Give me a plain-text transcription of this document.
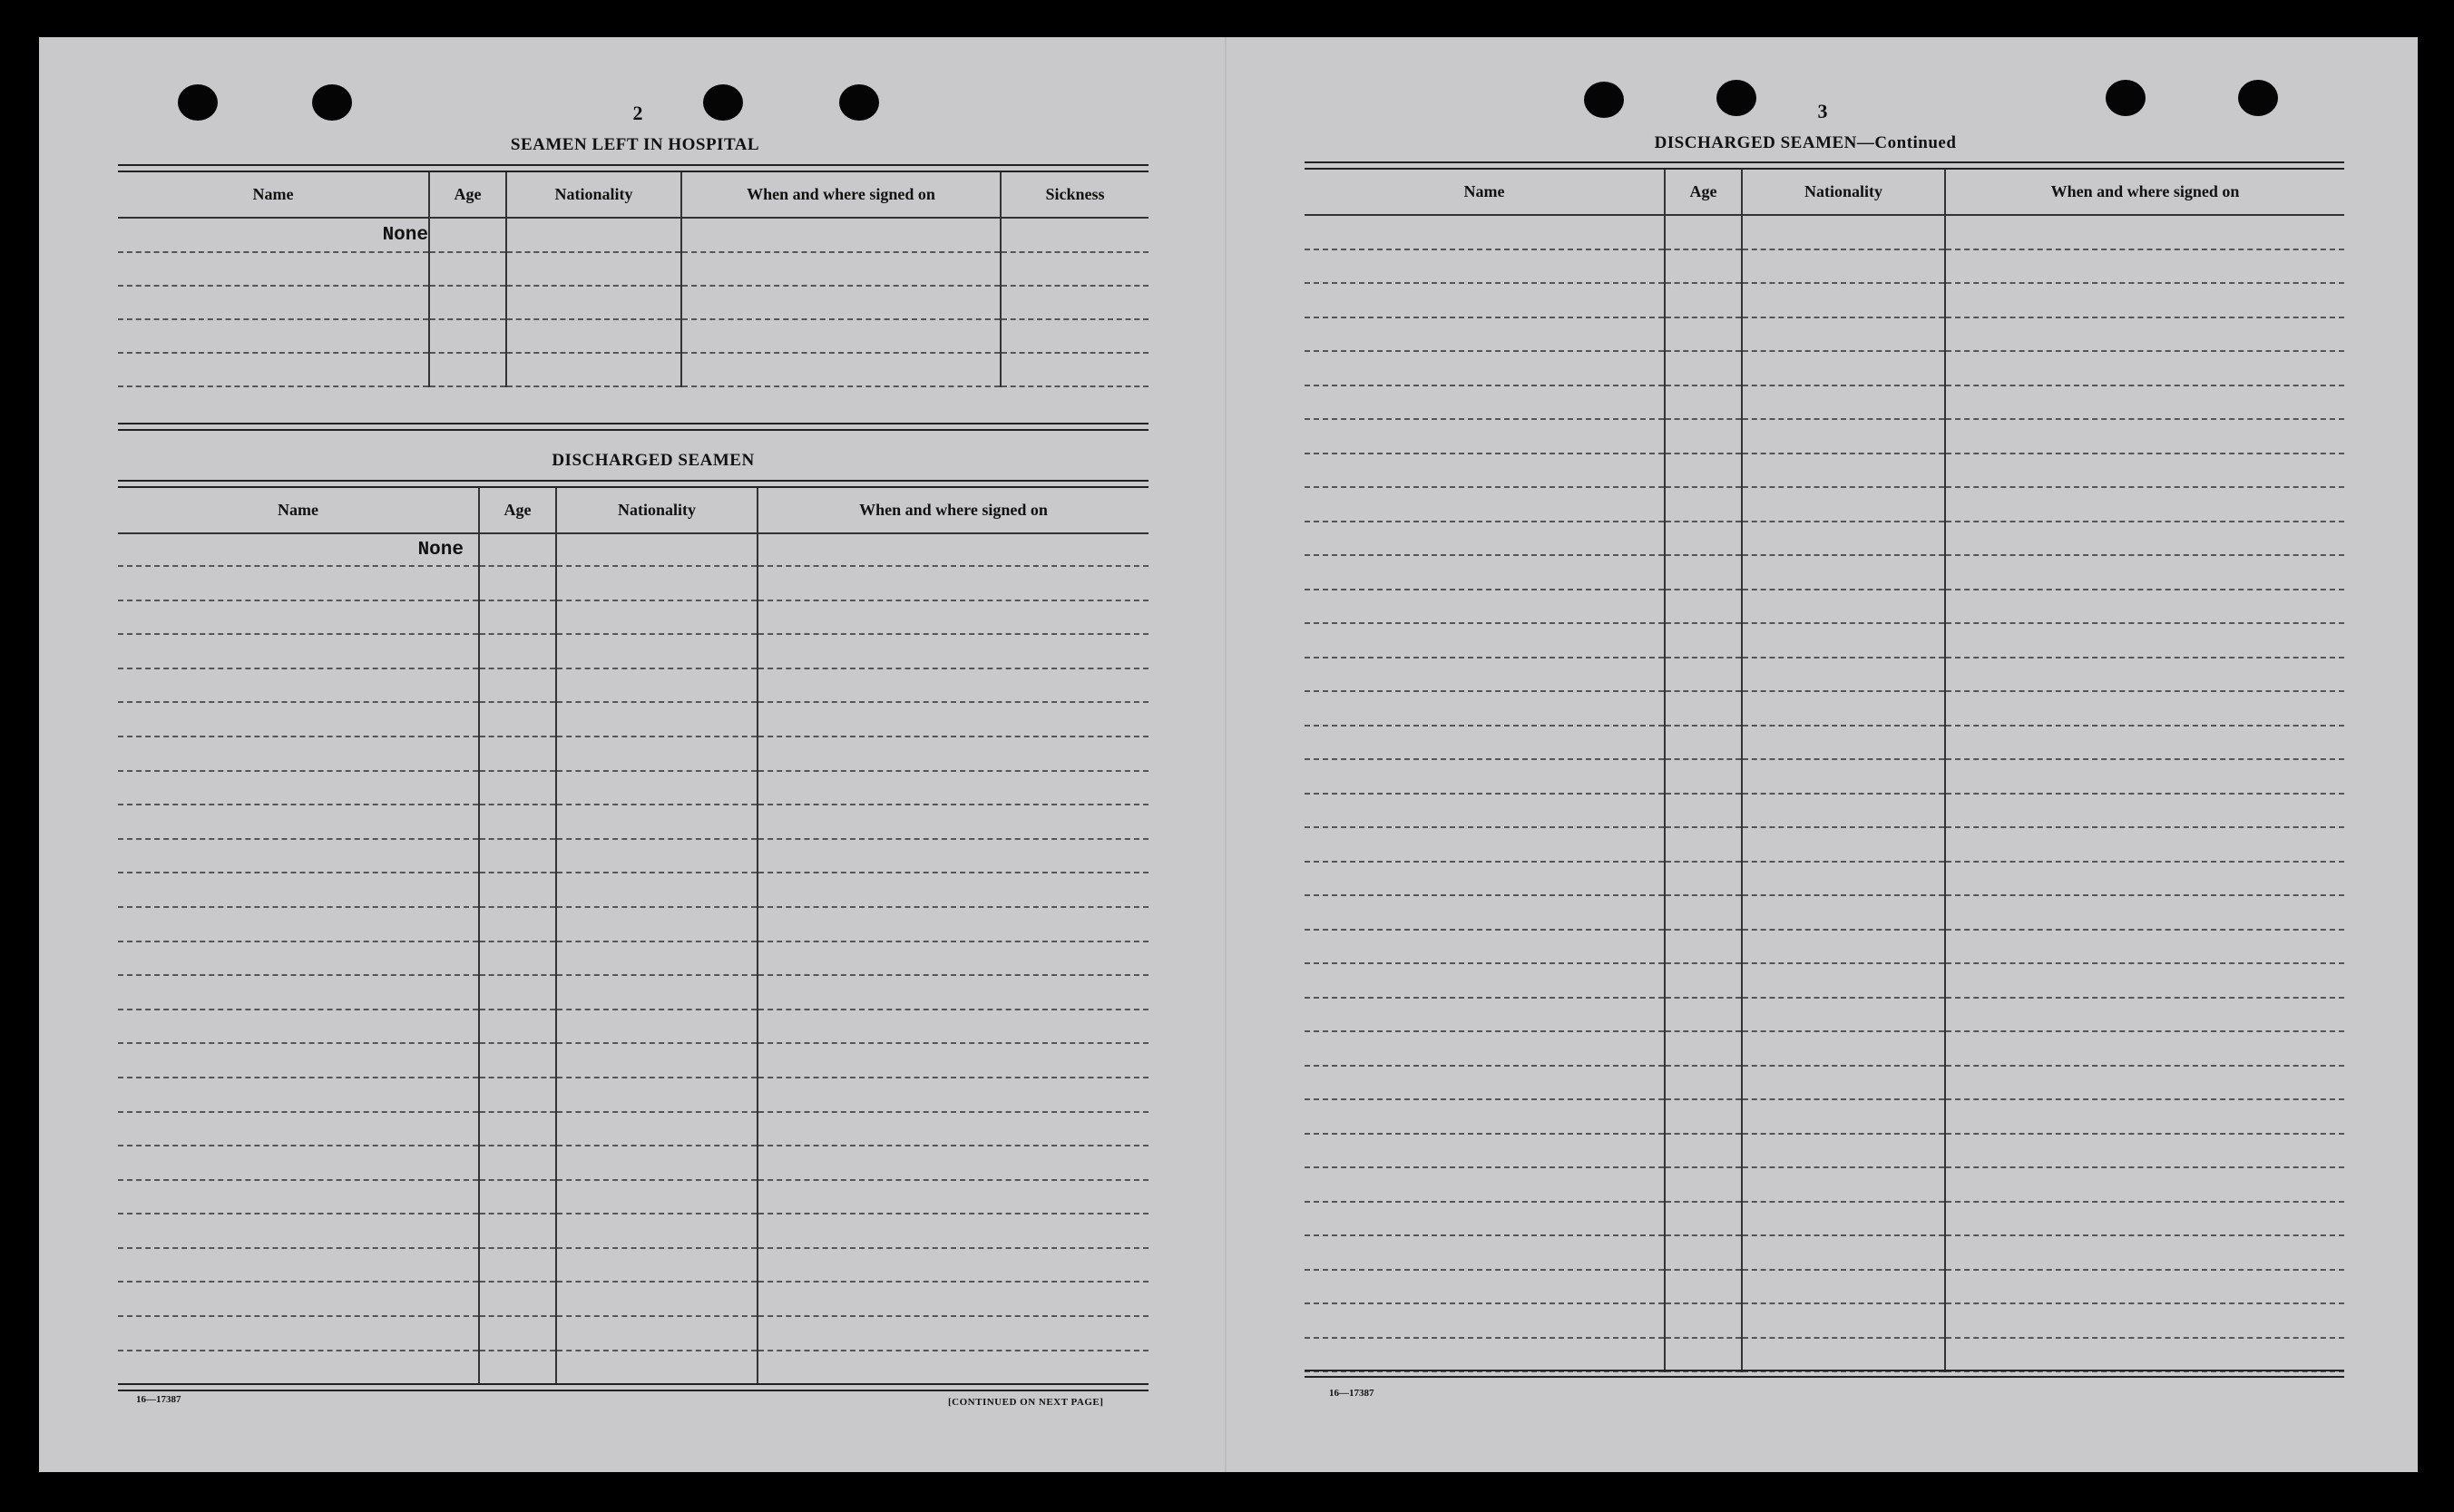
2
SEAMEN LEFT IN HOSPITAL
Name	Age	Nationality	When and where signed on	Sickness
None				

DISCHARGED SEAMEN
Name	Age	Nationality	When and where signed on
None			

16—17387	[CONTINUED ON NEXT PAGE]
3
DISCHARGED SEAMEN—Continued
Name	Age	Nationality	When and where signed on

16—17387
